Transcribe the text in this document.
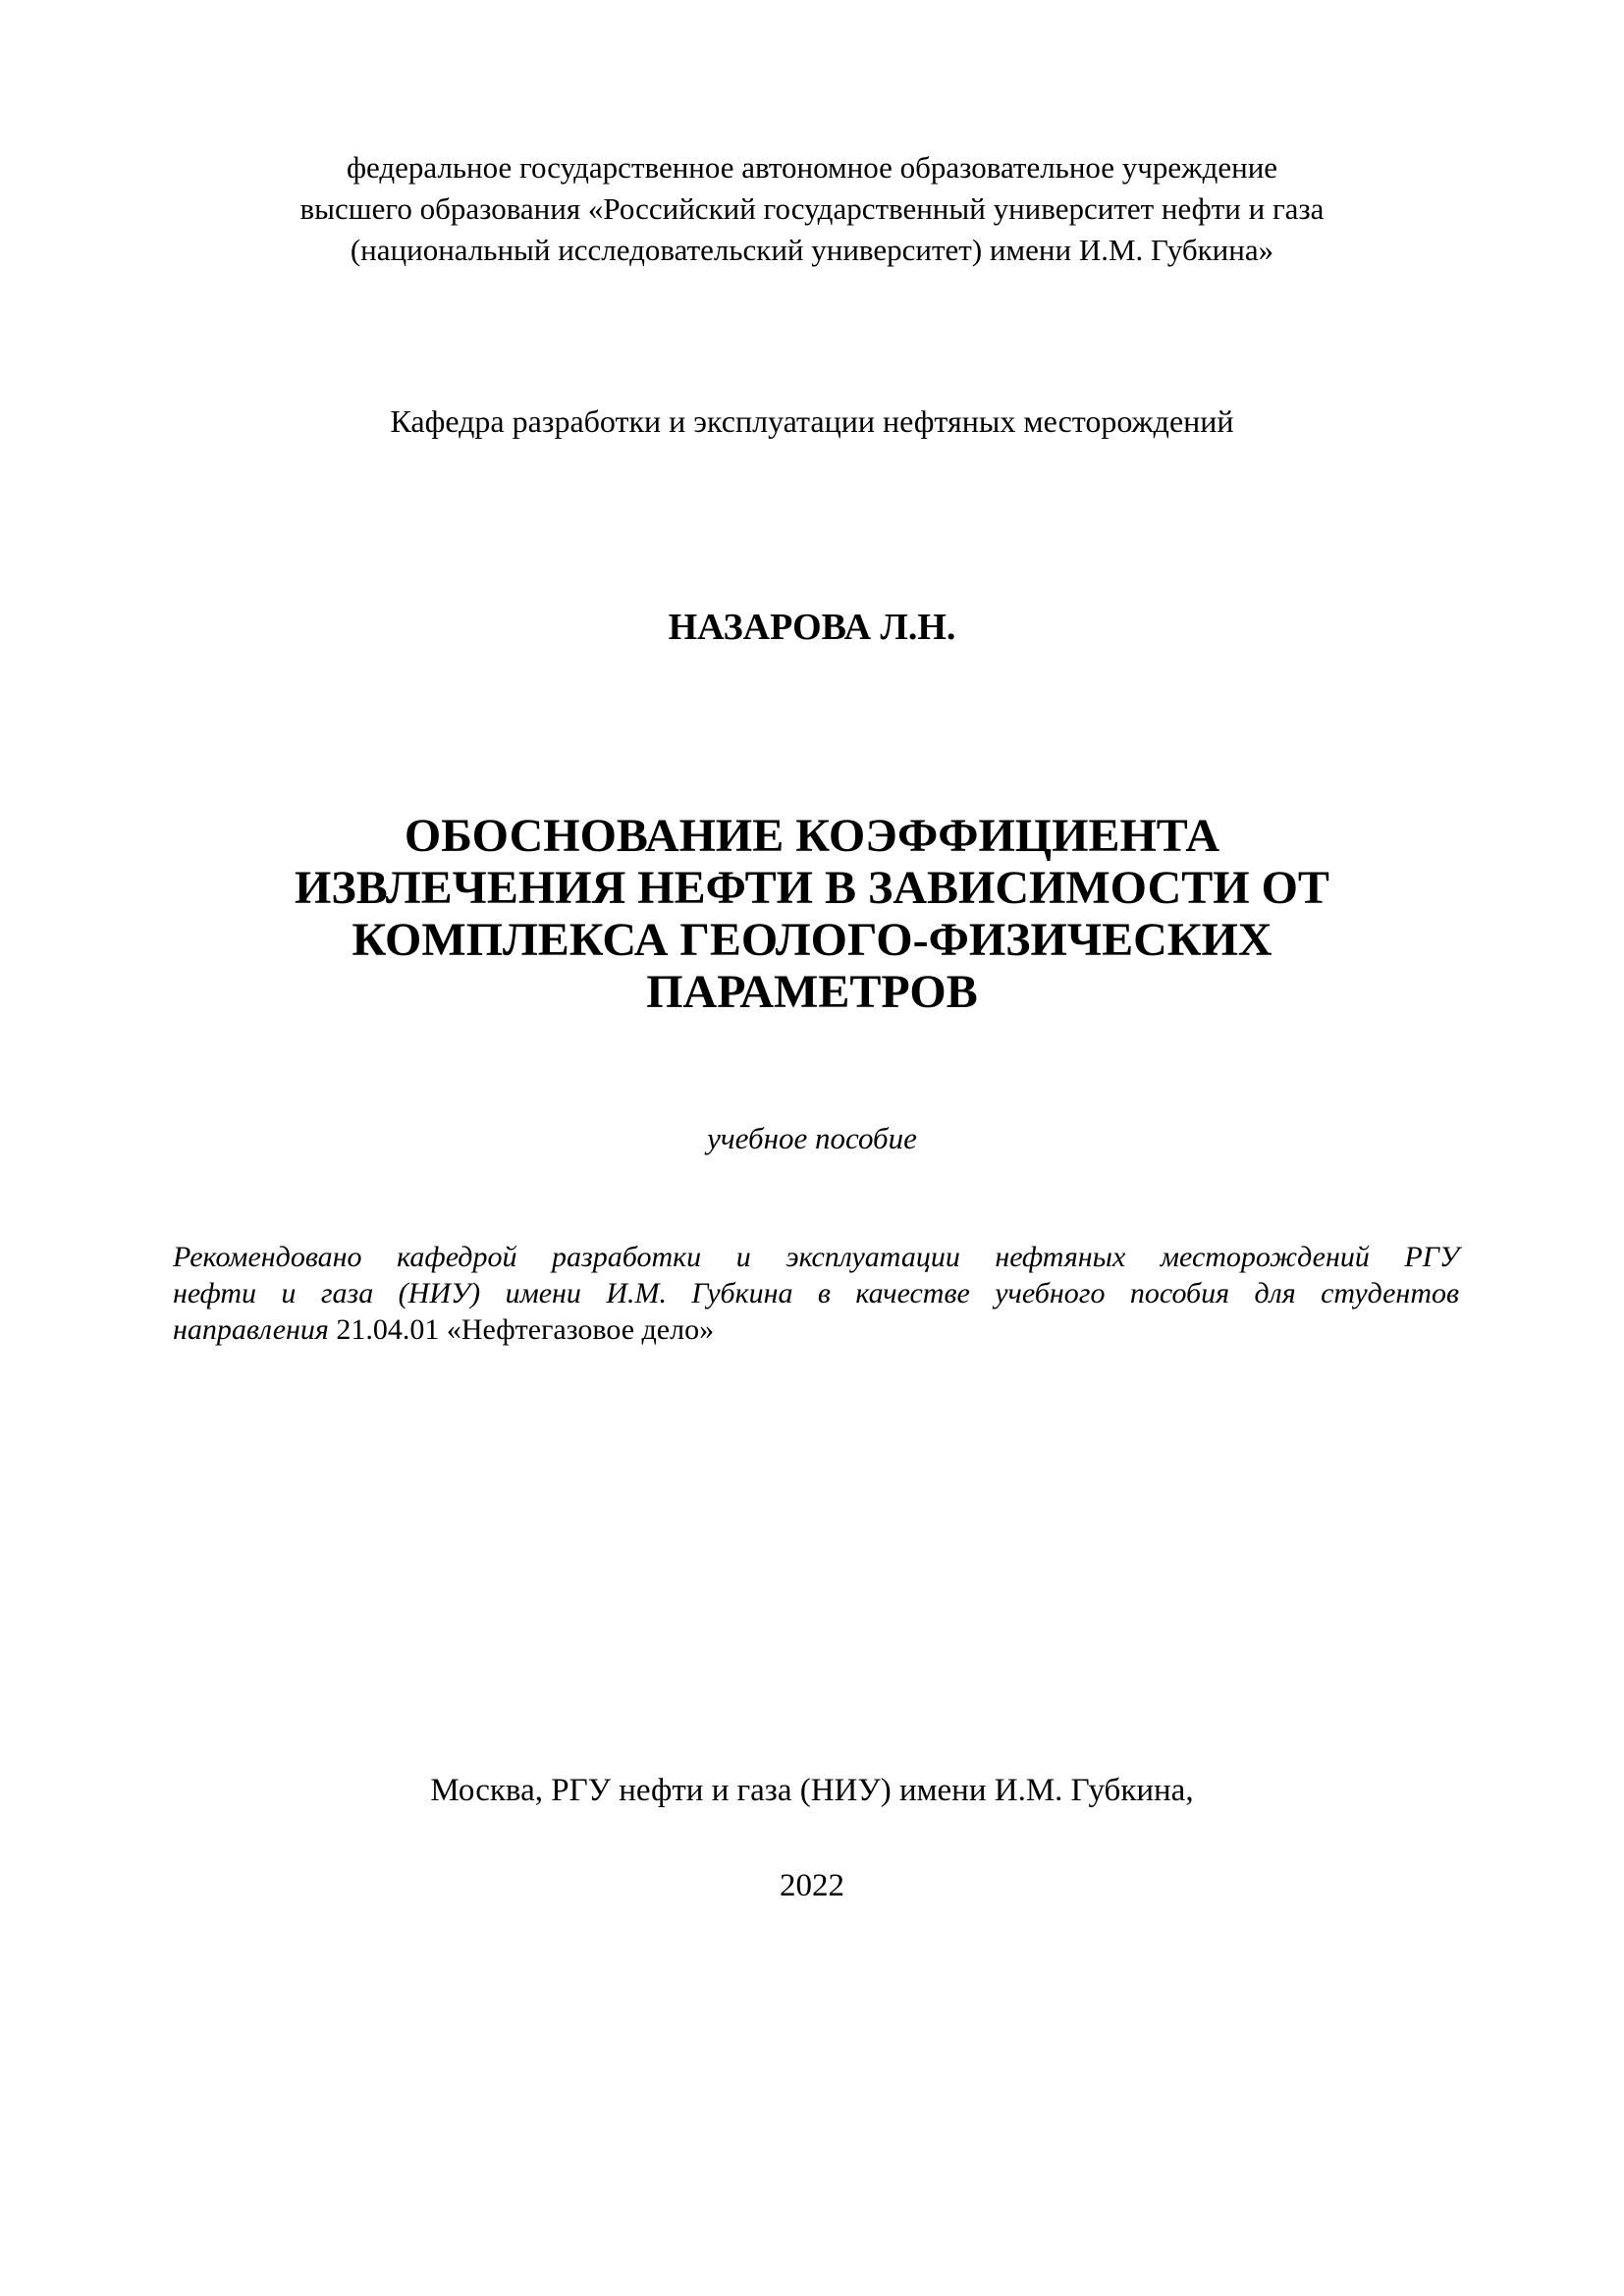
федеральное государственное автономное образовательное учреждение
высшего образования «Российский государственный университет нефти и газа
(национальный исследовательский университет) имени И.М. Губкина»
Кафедра разработки и эксплуатации нефтяных месторождений
НАЗАРОВА Л.Н.
ОБОСНОВАНИЕ КОЭФФИЦИЕНТА
ИЗВЛЕЧЕНИЯ НЕФТИ В ЗАВИСИМОСТИ ОТ
КОМПЛЕКСА ГЕОЛОГО-ФИЗИЧЕСКИХ
ПАРАМЕТРОВ
учебное пособие
Рекомендовано кафедрой разработки и эксплуатации нефтяных месторождений РГУ
нефти и газа (НИУ) имени И.М. Губкина в качестве учебного пособия для студентов
направления 21.04.01 «Нефтегазовое дело»
Москва, РГУ нефти и газа (НИУ) имени И.М. Губкина,
2022
